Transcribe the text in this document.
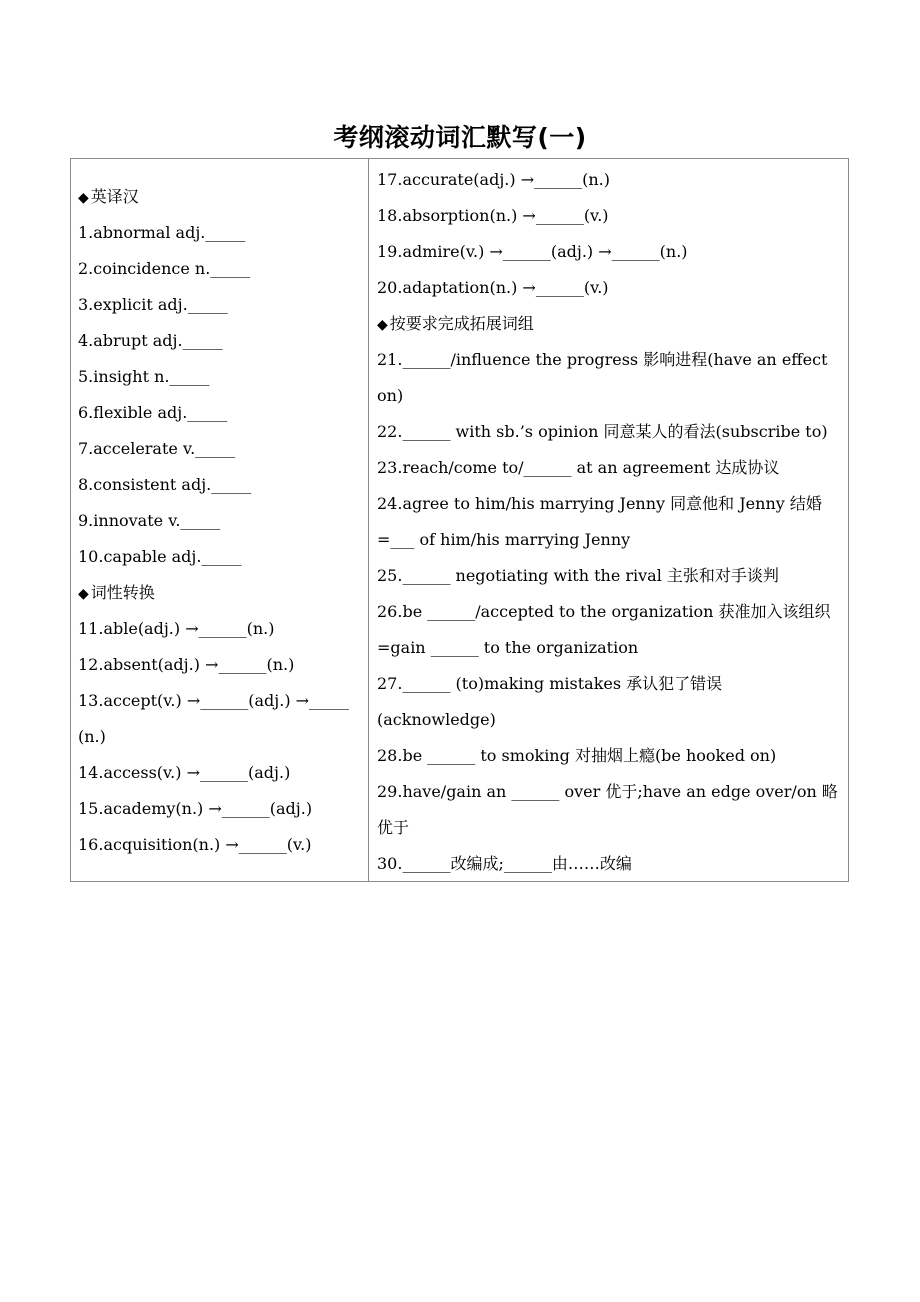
考纲滚动词汇默写(一)
◆ 英译汉
1.abnormal adj._____
2.coincidence n._____
3.explicit adj._____
4.abrupt adj._____
5.insight n._____
6.flexible adj._____
7.accelerate v._____
8.consistent adj._____
9.innovate v._____
10.capable adj._____
◆ 词性转换
11.able(adj.) →______(n.)
12.absent(adj.) →______(n.)
13.accept(v.) →______(adj.) →_____ (n.)
14.access(v.) →______(adj.)
15.academy(n.) →______(adj.)
16.acquisition(n.) →______(v.)
17.accurate(adj.) →______(n.)
18.absorption(n.) →______(v.)
19.admire(v.) →______(adj.) →______(n.)
20.adaptation(n.) →______(v.)
◆ 按要求完成拓展词组
21.______/influence the progress 影响进程(have an effect on)
22.______ with sb.’s opinion 同意某人的看法(subscribe to)
23.reach/come to/______ at an agreement 达成协议
24.agree to him/his marrying Jenny 同意他和 Jenny 结婚=___ of him/his marrying Jenny
25.______ negotiating with the rival 主张和对手谈判
26.be ______/accepted to the organization 获准加入该组织 =gain ______ to the organization
27.______ (to)making mistakes 承认犯了错误 (acknowledge)
28.be ______ to smoking 对抽烟上瘾(be hooked on)
29.have/gain an ______ over 优于;have an edge over/on 略优于
30.______改编成;______由……改编
